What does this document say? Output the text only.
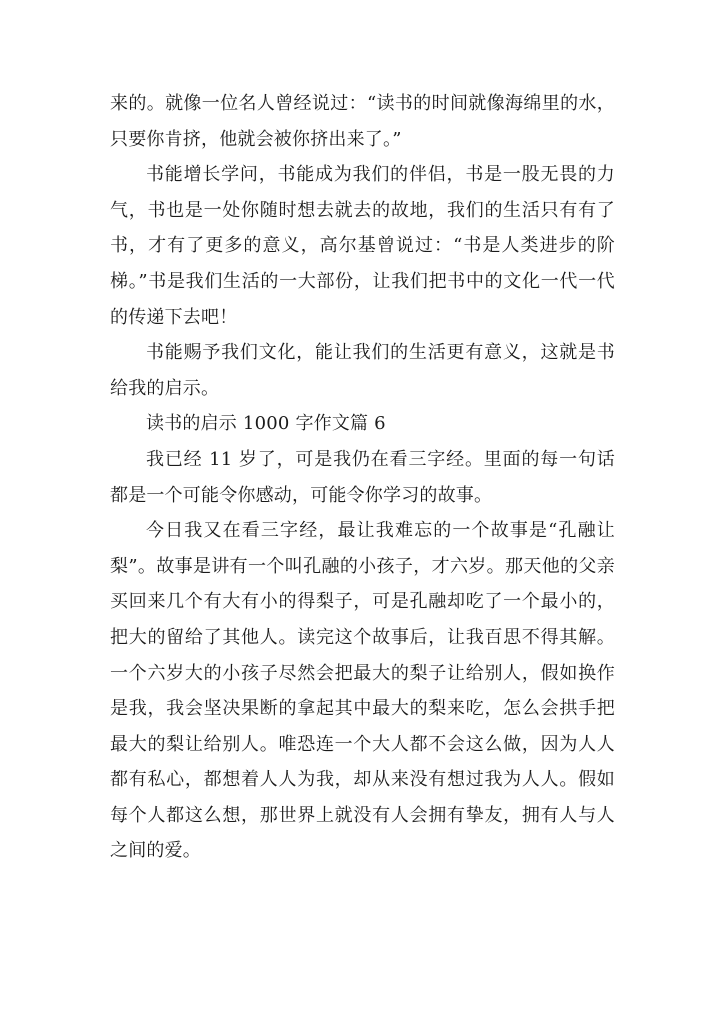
来的。就像一位名人曾经说过：“读书的时间就像海绵里的水，只要你肯挤，他就会被你挤出来了。”

书能增长学问，书能成为我们的伴侣，书是一股无畏的力气，书也是一处你随时想去就去的故地，我们的生活只有有了书，才有了更多的意义，高尔基曾说过：“书是人类进步的阶梯。”书是我们生活的一大部份，让我们把书中的文化一代一代的传递下去吧！

书能赐予我们文化，能让我们的生活更有意义，这就是书给我的启示。

读书的启示 1000 字作文篇 6

我已经 11 岁了，可是我仍在看三字经。里面的每一句话都是一个可能令你感动，可能令你学习的故事。

今日我又在看三字经，最让我难忘的一个故事是“孔融让梨”。故事是讲有一个叫孔融的小孩子，才六岁。那天他的父亲买回来几个有大有小的得梨子，可是孔融却吃了一个最小的，把大的留给了其他人。读完这个故事后，让我百思不得其解。一个六岁大的小孩子尽然会把最大的梨子让给别人，假如换作是我，我会坚决果断的拿起其中最大的梨来吃，怎么会拱手把最大的梨让给别人。唯恐连一个大人都不会这么做，因为人人都有私心，都想着人人为我，却从来没有想过我为人人。假如每个人都这么想，那世界上就没有人会拥有挚友，拥有人与人之间的爱。
